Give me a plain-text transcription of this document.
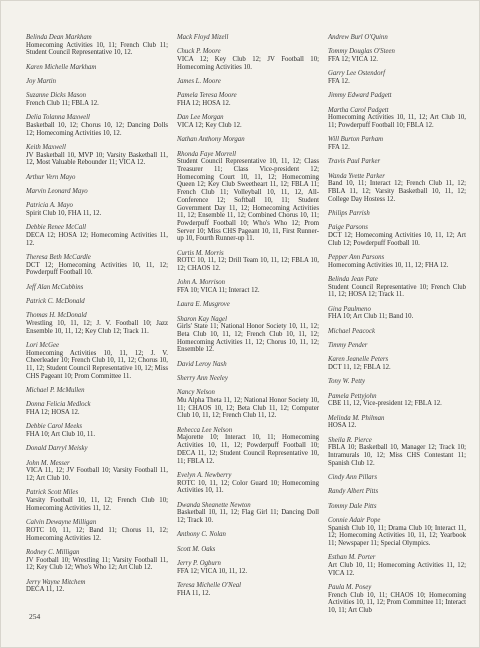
Belinda Dean Markham
Homecoming Activities 10, 11; French Club 11; Student Council Representative 10, 12.
Karen Michelle Markham
Joy Martin
Suzanne Dicks Mason
French Club 11; FBLA 12.
Delia Tolanna Maxwell
Basketball 10, 12; Chorus 10, 12; Dancing Dolls 12; Homecoming Activities 10, 12.
Keith Maxwell
JV Basketball 10, MVP 10; Varsity Basketball 11, 12, Most Valuable Rebounder 11; VICA 12.
Arthur Vern Mayo
Marvin Leonard Mayo
Patricia A. Mayo
Spirit Club 10, FHA 11, 12.
Debbie Renee McCall
DECA 12; HOSA 12; Homecoming Activities 11, 12.
Theresa Beth McCardle
DCT 12; Homecoming Activities 10, 11, 12; Powderpuff Football 10.
Jeff Alan McCubbins
Patrick C. McDonald
Thomas H. McDonald
Wrestling 10, 11, 12; J. V. Football 10; Jazz Ensemble 10, 11, 12; Key Club 12; Track 11.
Lori McGee
Homecoming Activities 10, 11, 12; J. V. Cheerleader 10; French Club 10, 11, 12; Chorus 10, 11, 12; Student Council Representative 10, 12; Miss CHS Pageant 10; Prom Committee 11.
Michael P. McMullen
Donna Felicia Medlock
FHA 12; HOSA 12.
Debbie Carol Meeks
FHA 10; Art Club 10, 11.
Donald Darryl Meisky
John M. Messer
VICA 11, 12; JV Football 10; Varsity Football 11, 12; Art Club 10.
Patrick Scott Miles
Varsity Football 10, 11, 12; French Club 10; Homecoming Activities 11, 12.
Calvin Dewayne Milligan
ROTC 10, 11, 12; Band 11; Chorus 11, 12; Homecoming Activities 12.
Rodney C. Milligan
JV Football 10; Wrestling 11; Varsity Football 11, 12; Key Club 12; Who's Who 12; Art Club 12.
Jerry Wayne Mitchem
DECA 11, 12.
Mack Floyd Mizell
Chuck P. Moore
VICA 12; Key Club 12; JV Football 10; Homecoming Activities 10.
James L. Moore
Pamela Teresa Moore
FHA 12; HOSA 12.
Dan Lee Morgan
VICA 12; Key Club 12.
Nathan Anthony Morgan
Rhonda Faye Morrell
Student Council Representative 10, 11, 12; Class Treasurer 11; Class Vice-president 12; Homecoming Court 10, 11, 12; Homecoming Queen 12; Key Club Sweetheart 11, 12; FBLA 11; French Club 11; Volleyball 10, 11, 12, All-Conference 12; Softball 10, 11; Student Government Day 11, 12; Homecoming Activities 11, 12; Ensemble 11, 12; Combined Chorus 10, 11; Powderpuff Football 10; Who's Who 12; Prom Server 10; Miss CHS Pageant 10, 11, First Runner-up 10, Fourth Runner-up 11.
Curtis M. Morris
ROTC 10, 11, 12; Drill Team 10, 11, 12; FBLA 10, 12; CHAOS 12.
John A. Morrison
FFA 10; VICA 11; Interact 12.
Laura E. Musgrove
Sharon Kay Nagel
Girls' State 11; National Honor Society 10, 11, 12; Beta Club 10, 11, 12; French Club 10, 11, 12; Homecoming Activities 11, 12; Chorus 10, 11, 12; Ensemble 12.
David Leroy Nash
Sherry Ann Neeley
Nancy Nelson
Mu Alpha Theta 11, 12; National Honor Society 10, 11; CHAOS 10, 12; Beta Club 11, 12; Computer Club 10, 11, 12; French Club 11, 12.
Rebecca Lee Nelson
Majorette 10; Interact 10, 11; Homecoming Activities 10, 11, 12; Powderpuff Football 10; DECA 11, 12; Student Council Representative 10, 11; FBLA 12.
Evelyn A. Newberry
ROTC 10, 11, 12; Color Guard 10; Homecoming Activities 10, 11.
Dwanda Sheanette Newton
Basketball 10, 11, 12; Flag Girl 11; Dancing Doll 12; Track 10.
Anthony C. Nolan
Scott M. Oaks
Jerry P. Ogburn
FFA 12; VICA 10, 11, 12.
Teresa Michelle O'Neal
FHA 11, 12.
Andrew Burl O'Quinn
Tommy Douglas O'Steen
FFA 12; VICA 12.
Garry Lee Ostendorf
FFA 12.
Jimmy Edward Padgett
Martha Carol Padgett
Homecoming Activities 10, 11, 12; Art Club 10, 11; Powderpuff Football 10; FBLA 12.
Will Burton Parham
FFA 12.
Travis Paul Parker
Wanda Yvette Parker
Band 10, 11; Interact 12; French Club 11, 12; FBLA 11, 12; Varsity Basketball 10, 11, 12; College Day Hostess 12.
Philips Parrish
Paige Parsons
DCT 12; Homecoming Activities 10, 11, 12; Art Club 12; Powderpuff Football 10.
Pepper Ann Parsons
Homecoming Activities 10, 11, 12; FHA 12.
Belinda Jean Pate
Student Council Representative 10; French Club 11, 12; HOSA 12; Track 11.
Gina Paulmeno
FHA 10; Art Club 11; Band 10.
Michael Peacock
Timmy Pender
Karen Jeanelle Peters
DCT 11, 12; FBLA 12.
Tony W. Petty
Pamela Pettyjohn
CBE 11, 12, Vice-president 12; FBLA 12.
Melinda M. Philman
HOSA 12.
Sheila R. Pierce
FBLA 10; Basketball 10, Manager 12; Track 10; Intramurals 10, 12; Miss CHS Contestant 11; Spanish Club 12.
Cindy Ann Pillars
Randy Albert Pitts
Tommy Dale Pitts
Connie Adair Pope
Spanish Club 10, 11; Drama Club 10; Interact 11, 12; Homecoming Activities 10, 11, 12; Yearbook 11; Newspaper 11; Special Olympics.
Esthan M. Porter
Art Club 10, 11; Homecoming Activities 11, 12; VICA 12.
Paula M. Posey
French Club 10, 11; CHAOS 10; Homecoming Activities 10, 11, 12; Prom Committee 11; Interact 10, 11; Art Club
254
